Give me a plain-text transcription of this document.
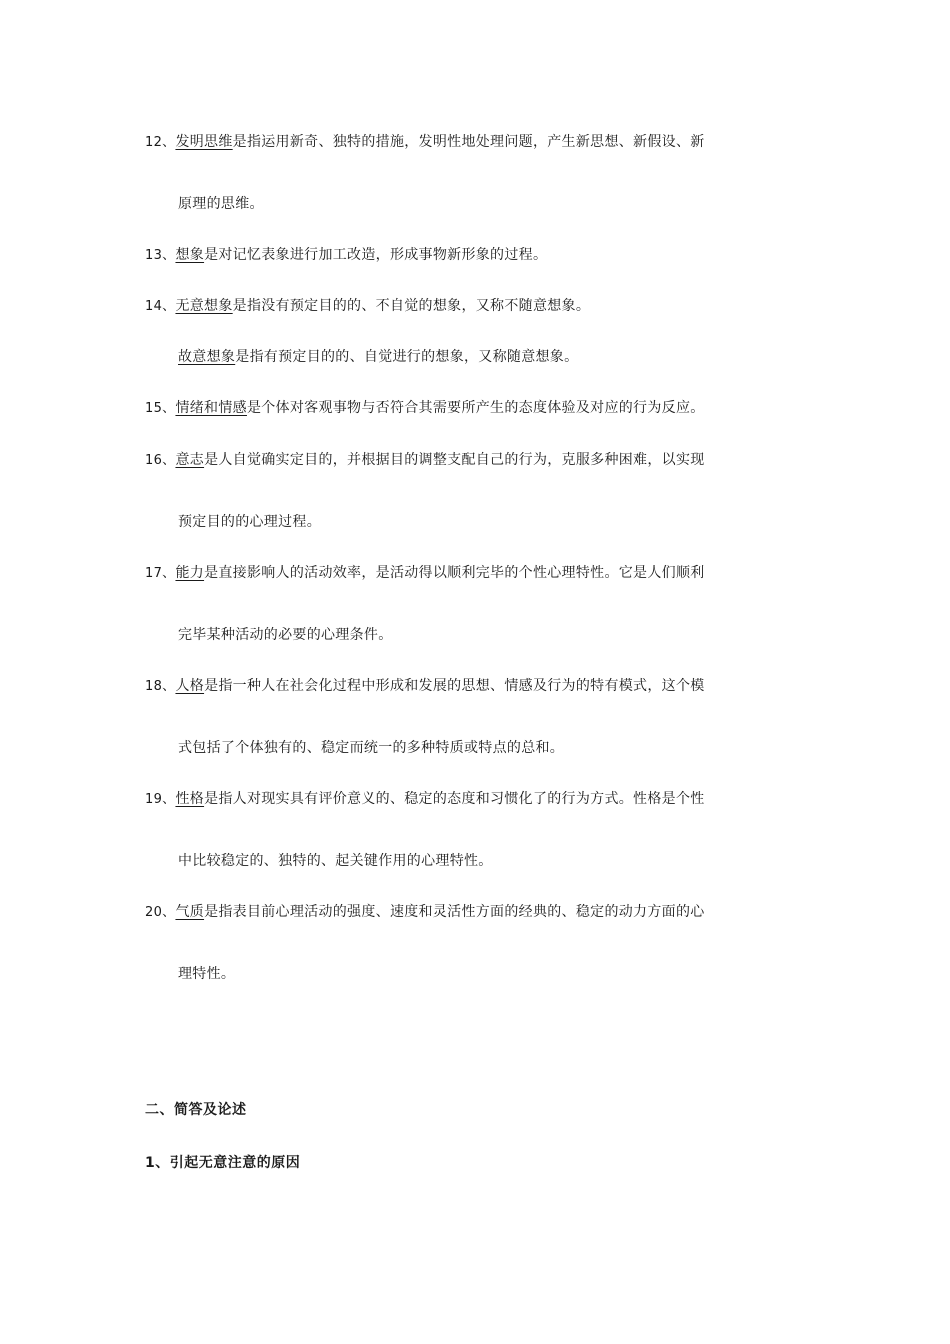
12、发明思维是指运用新奇、独特的措施，发明性地处理问题，产生新思想、新假设、新
原理的思维。
13、想象是对记忆表象进行加工改造，形成事物新形象的过程。
14、无意想象是指没有预定目的的、不自觉的想象，又称不随意想象。
故意想象是指有预定目的的、自觉进行的想象，又称随意想象。
15、情绪和情感是个体对客观事物与否符合其需要所产生的态度体验及对应的行为反应。
16、意志是人自觉确实定目的，并根据目的调整支配自己的行为，克服多种困难，以实现
预定目的的心理过程。
17、能力是直接影响人的活动效率，是活动得以顺利完毕的个性心理特性。它是人们顺利
完毕某种活动的必要的心理条件。
18、人格是指一种人在社会化过程中形成和发展的思想、情感及行为的特有模式，这个模
式包括了个体独有的、稳定而统一的多种特质或特点的总和。
19、性格是指人对现实具有评价意义的、稳定的态度和习惯化了的行为方式。性格是个性
中比较稳定的、独特的、起关键作用的心理特性。
20、气质是指表目前心理活动的强度、速度和灵活性方面的经典的、稳定的动力方面的心
理特性。
二、简答及论述
1、引起无意注意的原因
